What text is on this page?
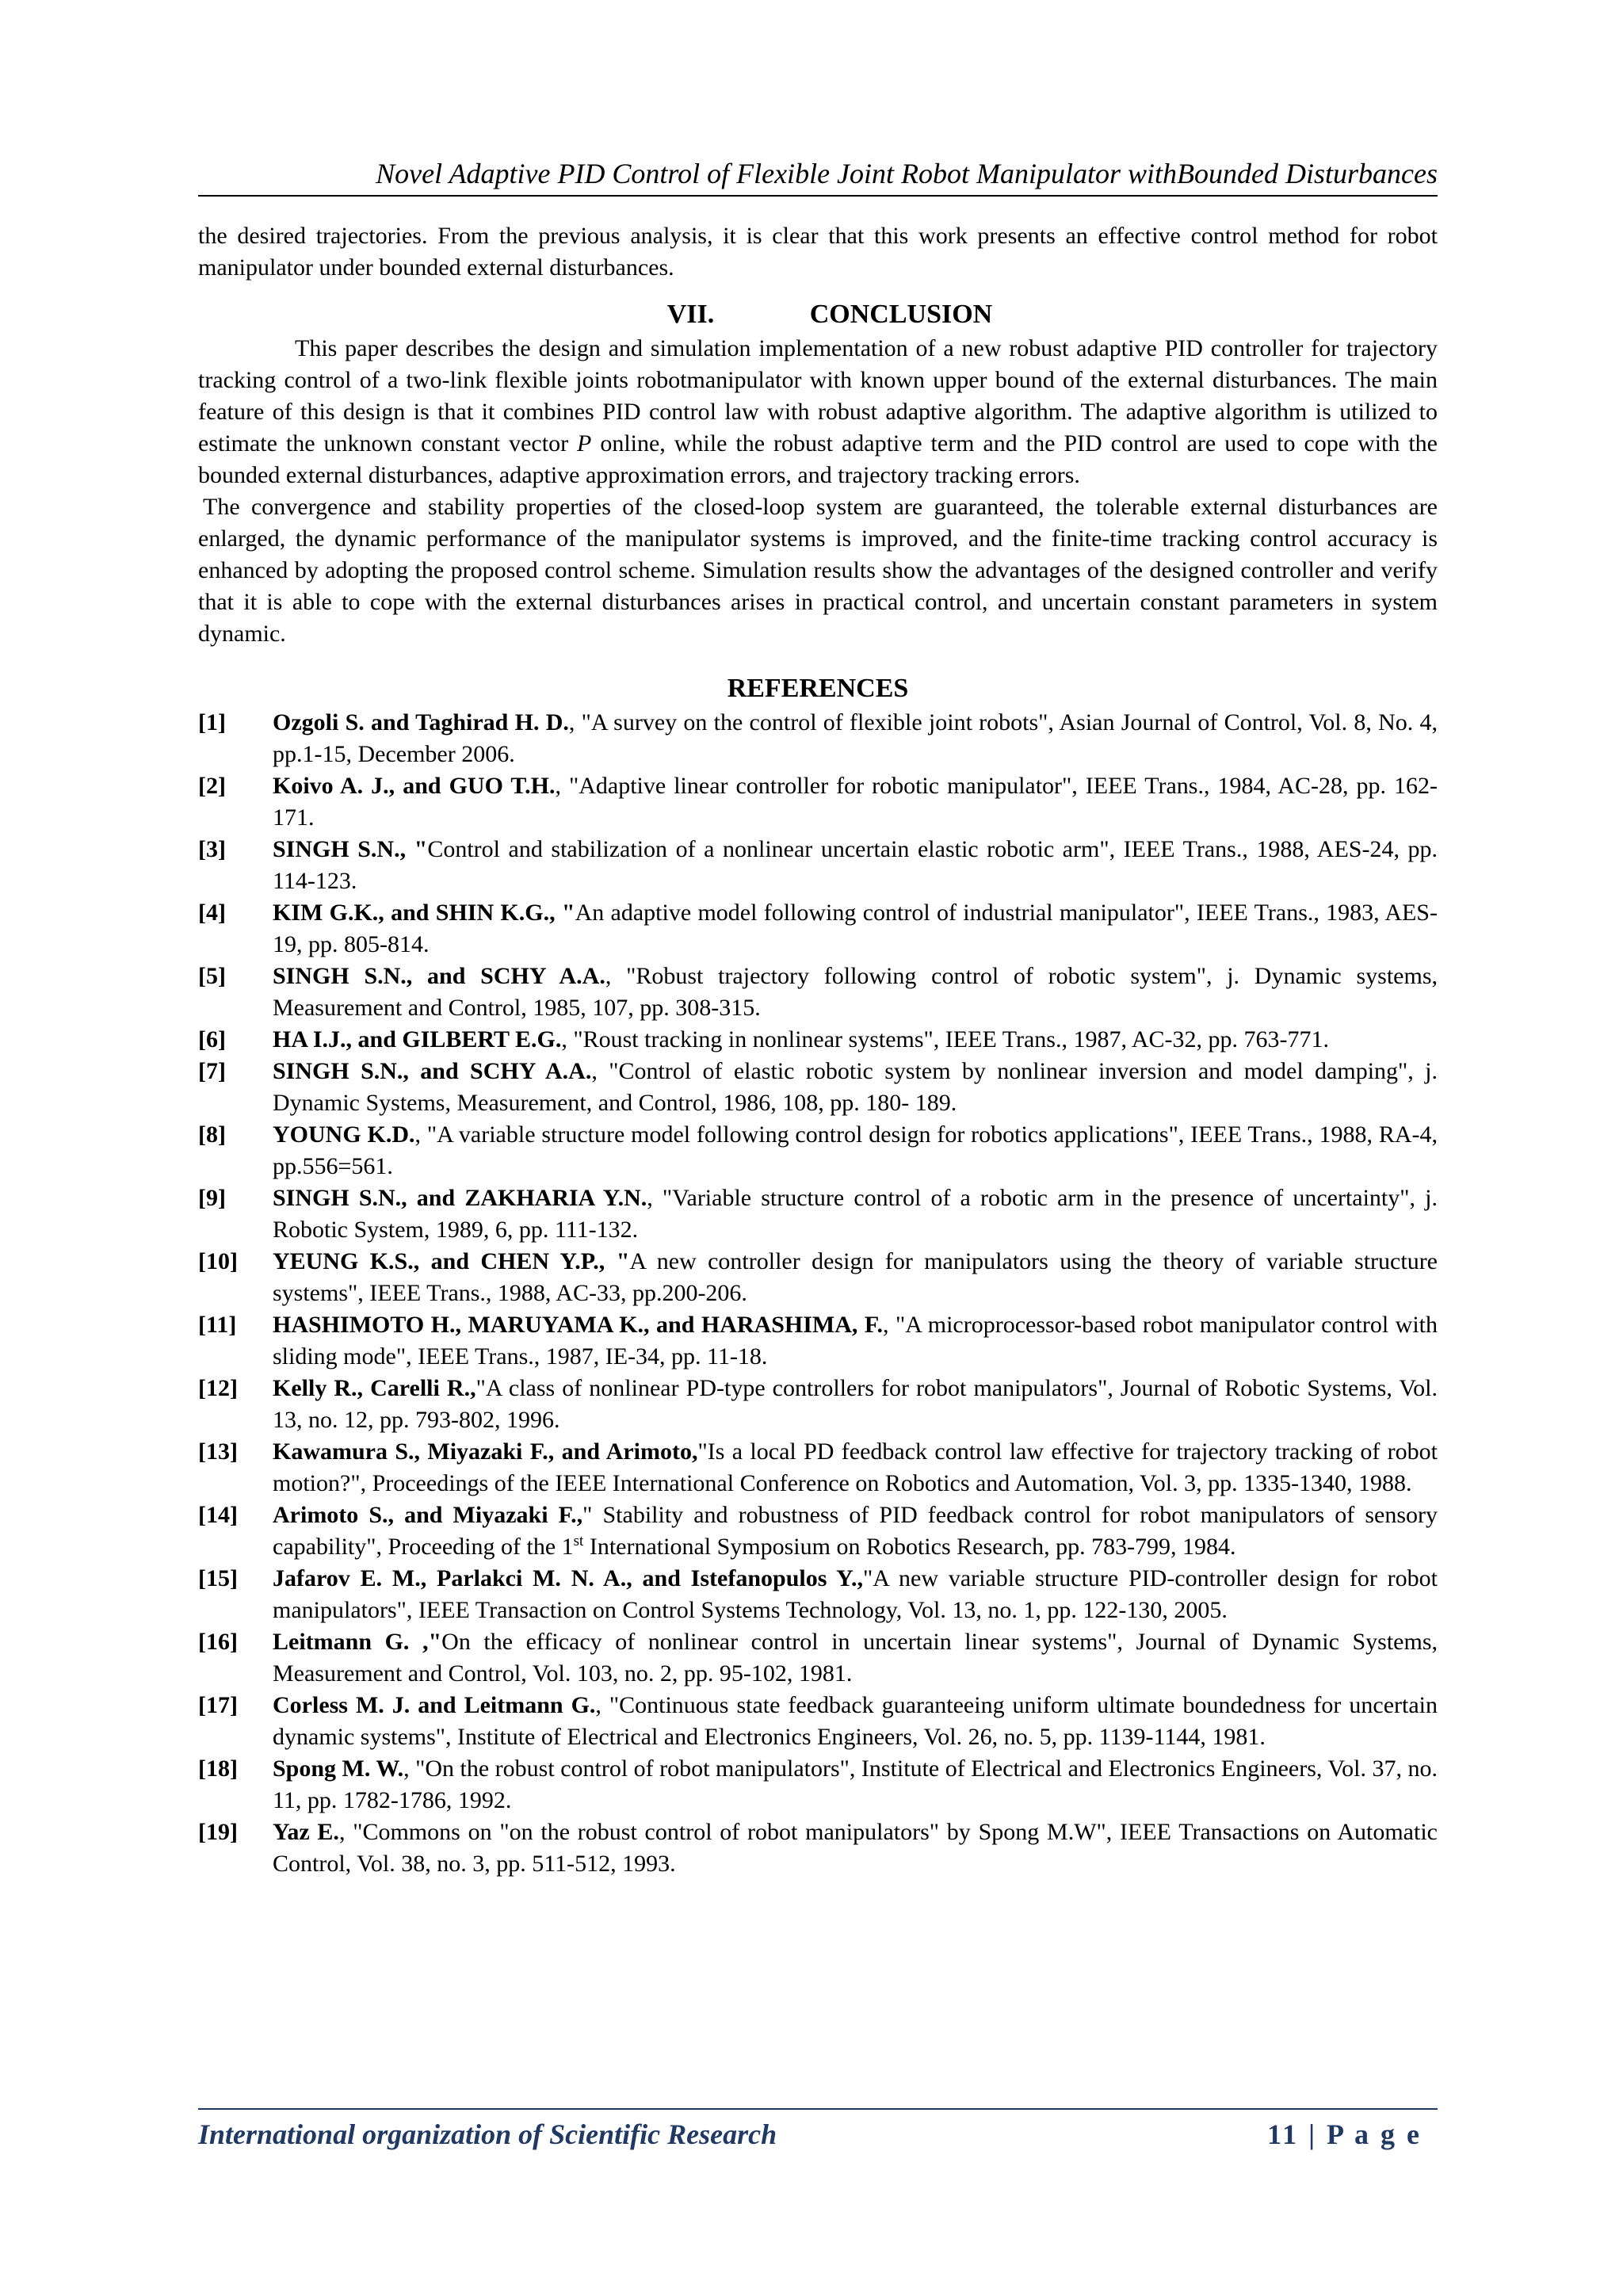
Novel Adaptive PID Control of Flexible Joint Robot Manipulator withBounded Disturbances

the desired trajectories. From the previous analysis, it is clear that this work presents an effective control method for robot manipulator under bounded external disturbances.

VII.	CONCLUSION

This paper describes the design and simulation implementation of a new robust adaptive PID controller for trajectory tracking control of a two-link flexible joints robotmanipulator with known upper bound of the external disturbances. The main feature of this design is that it combines PID control law with robust adaptive algorithm. The adaptive algorithm is utilized to estimate the unknown constant vector P online, while the robust adaptive term and the PID control are used to cope with the bounded external disturbances, adaptive approximation errors, and trajectory tracking errors.

The convergence and stability properties of the closed-loop system are guaranteed, the tolerable external disturbances are enlarged, the dynamic performance of the manipulator systems is improved, and the finite-time tracking control accuracy is enhanced by adopting the proposed control scheme. Simulation results show the advantages of the designed controller and verify that it is able to cope with the external disturbances arises in practical control, and uncertain constant parameters in system dynamic.

REFERENCES
[1]	Ozgoli S. and Taghirad H. D., "A survey on the control of flexible joint robots", Asian Journal of Control, Vol. 8, No. 4, pp.1-15, December 2006.
[2]	Koivo A. J., and GUO T.H., "Adaptive linear controller for robotic manipulator", IEEE Trans., 1984, AC-28, pp. 162-171.
[3]	SINGH S.N., "Control and stabilization of a nonlinear uncertain elastic robotic arm", IEEE Trans., 1988, AES-24, pp. 114-123.
[4]	KIM G.K., and SHIN K.G., "An adaptive model following control of industrial manipulator", IEEE Trans., 1983, AES-19, pp. 805-814.
[5]	SINGH S.N., and SCHY A.A., "Robust trajectory following control of robotic system", j. Dynamic systems, Measurement and Control, 1985, 107, pp. 308-315.
[6]	HA I.J., and GILBERT E.G., "Roust tracking in nonlinear systems", IEEE Trans., 1987, AC-32, pp. 763-771.
[7]	SINGH S.N., and SCHY A.A., "Control of elastic robotic system by nonlinear inversion and model damping", j. Dynamic Systems, Measurement, and Control, 1986, 108, pp. 180- 189.
[8]	YOUNG K.D., "A variable structure model following control design for robotics applications", IEEE Trans., 1988, RA-4, pp.556=561.
[9]	SINGH S.N., and ZAKHARIA Y.N., "Variable structure control of a robotic arm in the presence of uncertainty", j. Robotic System, 1989, 6, pp. 111-132.
[10]	YEUNG K.S., and CHEN Y.P., "A new controller design for manipulators using the theory of variable structure systems", IEEE Trans., 1988, AC-33, pp.200-206.
[11]	HASHIMOTO H., MARUYAMA K., and HARASHIMA, F., "A microprocessor-based robot manipulator control with sliding mode", IEEE Trans., 1987, IE-34, pp. 11-18.
[12]	Kelly R., Carelli R.,"A class of nonlinear PD-type controllers for robot manipulators", Journal of Robotic Systems, Vol. 13, no. 12, pp. 793-802, 1996.
[13]	Kawamura S., Miyazaki F., and Arimoto,"Is a local PD feedback control law effective for trajectory tracking of robot motion?", Proceedings of the IEEE International Conference on Robotics and Automation, Vol. 3, pp. 1335-1340, 1988.
[14]	Arimoto S., and Miyazaki F.," Stability and robustness of PID feedback control for robot manipulators of sensory capability", Proceeding of the 1st International Symposium on Robotics Research, pp. 783-799, 1984.
[15]	Jafarov E. M., Parlakci M. N. A., and Istefanopulos Y.,"A new variable structure PID-controller design for robot manipulators", IEEE Transaction on Control Systems Technology, Vol. 13, no. 1, pp. 122-130, 2005.
[16]	Leitmann G. ,"On the efficacy of nonlinear control in uncertain linear systems", Journal of Dynamic Systems, Measurement and Control, Vol. 103, no. 2, pp. 95-102, 1981.
[17]	Corless M. J. and Leitmann G., "Continuous state feedback guaranteeing uniform ultimate boundedness for uncertain dynamic systems", Institute of Electrical and Electronics Engineers, Vol. 26, no. 5, pp. 1139-1144, 1981.
[18]	Spong M. W., "On the robust control of robot manipulators", Institute of Electrical and Electronics Engineers, Vol. 37, no. 11, pp. 1782-1786, 1992.
[19]	Yaz E., "Commons on "on the robust control of robot manipulators" by Spong M.W", IEEE Transactions on Automatic Control, Vol. 38, no. 3, pp. 511-512, 1993.
International organization of Scientific Research	11 | P a g e
